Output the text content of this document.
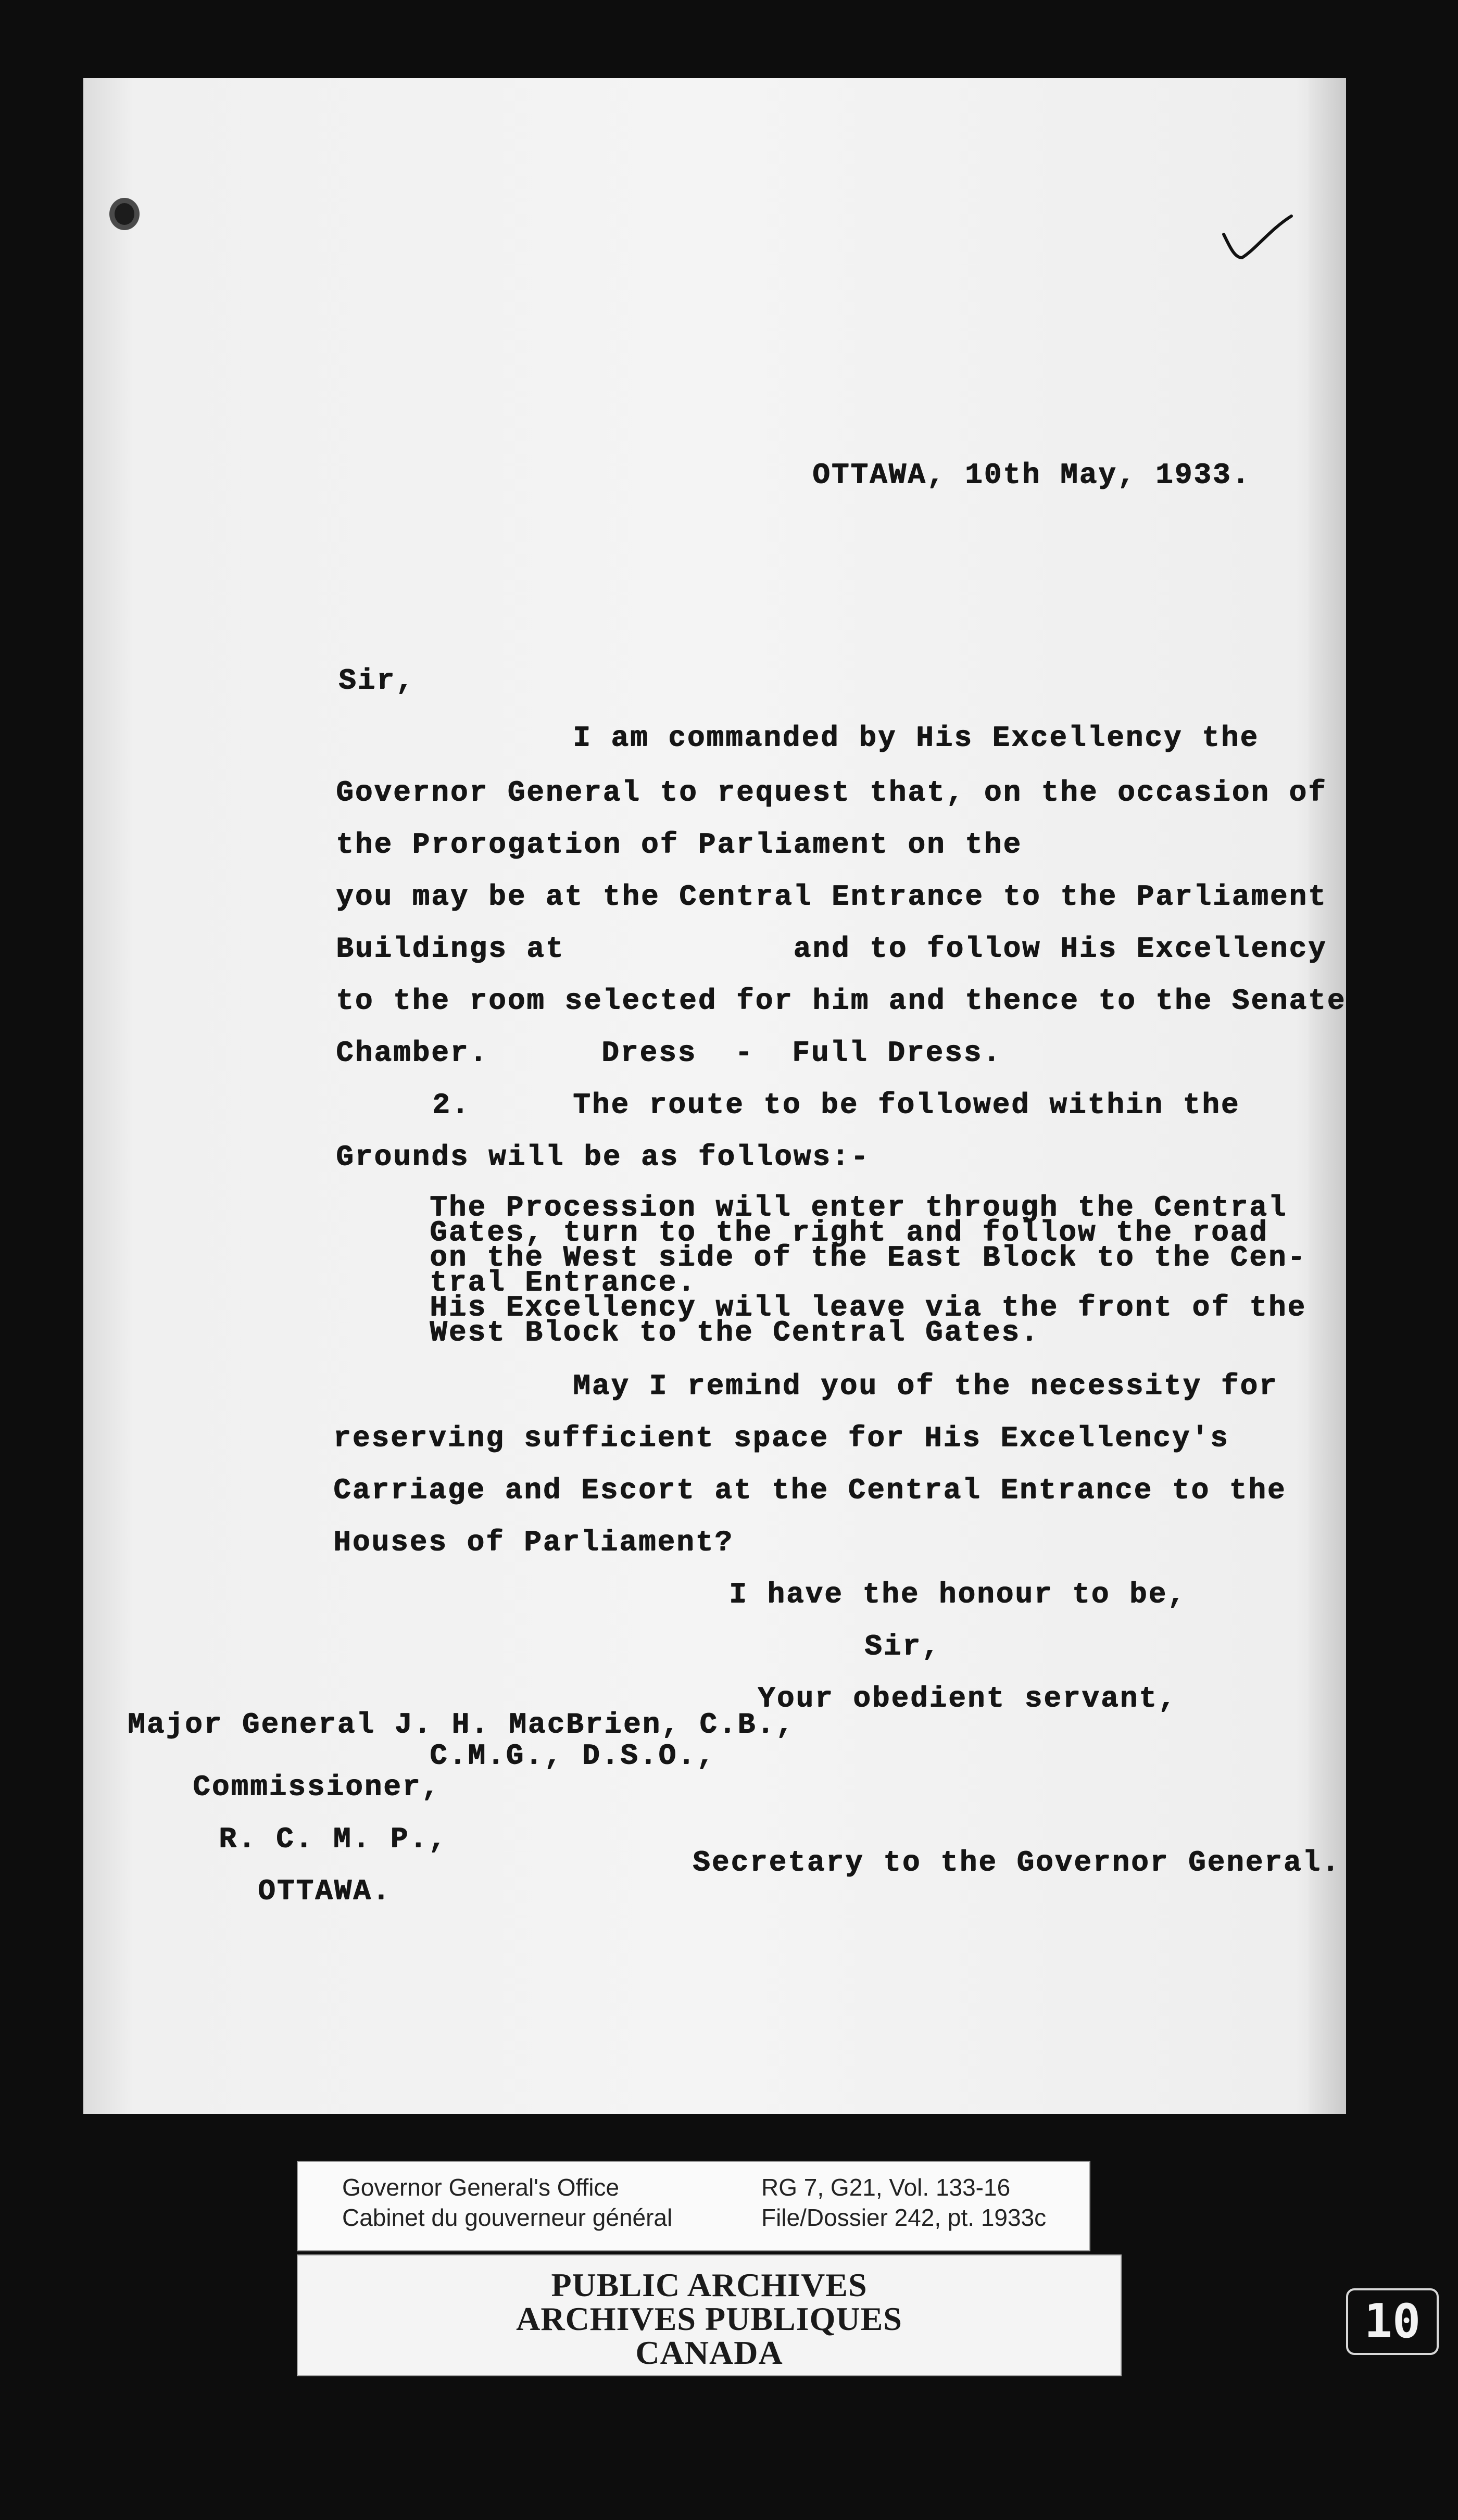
OTTAWA, 10th May, 1933.
Sir,
I am commanded by His Excellency the
Governor General to request that, on the occasion of
the Prorogation of Parliament on the
you may be at the Central Entrance to the Parliament
Buildings at            and to follow His Excellency
to the room selected for him and thence to the Senate
Chamber.	Dress  -  Full Dress.
2.	The route to be followed within the
Grounds will be as follows:-
The Procession will enter through the Central
Gates, turn to the right and follow the road
on the West side of the East Block to the Cen-
tral Entrance.
His Excellency will leave via the front of the
West Block to the Central Gates.
May I remind you of the necessity for
reserving sufficient space for His Excellency's
Carriage and Escort at the Central Entrance to the
Houses of Parliament?
I have the honour to be,
Sir,
Your obedient servant,
Major General J. H. MacBrien, C.B.,
C.M.G., D.S.O.,
Commissioner,
R. C. M. P.,
OTTAWA.
Secretary to the Governor General.
Governor General's Office
Cabinet du gouverneur général
RG 7, G21, Vol. 133-16
File/Dossier 242, pt. 1933c
PUBLIC ARCHIVES
ARCHIVES PUBLIQUES
CANADA
10
